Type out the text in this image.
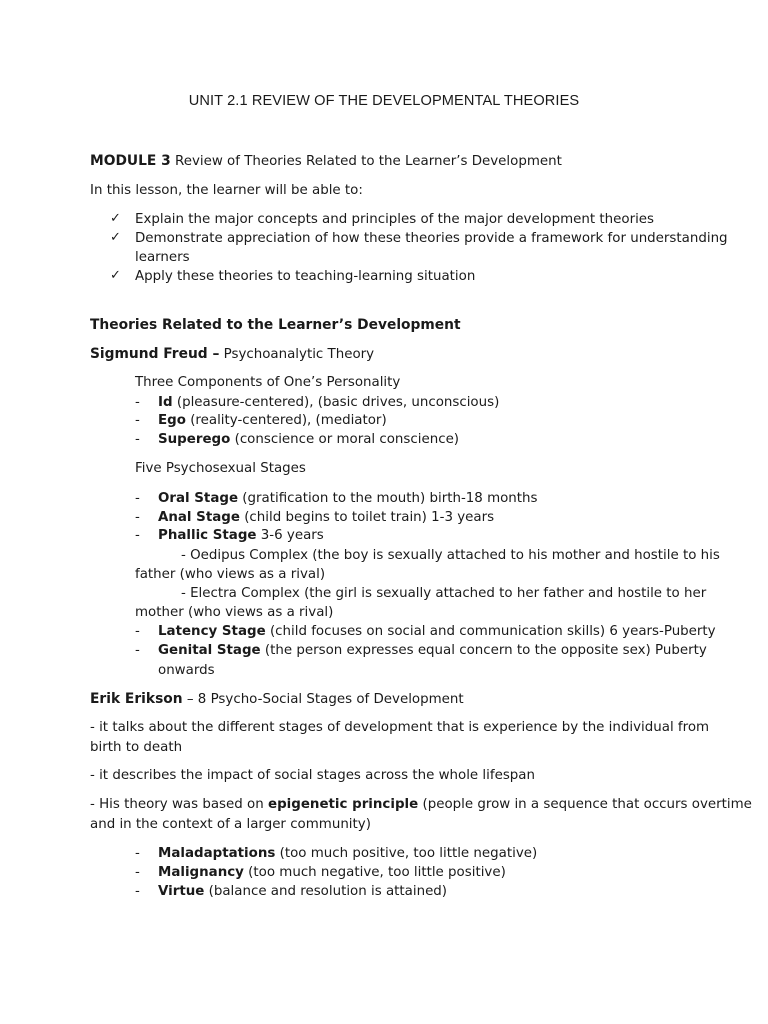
UNIT 2.1 REVIEW OF THE DEVELOPMENTAL THEORIES
MODULE 3 Review of Theories Related to the Learner’s Development
In this lesson, the learner will be able to:
✓ Explain the major concepts and principles of the major development theories
✓ Demonstrate appreciation of how these theories provide a framework for understanding
learners
✓ Apply these theories to teaching-learning situation
Theories Related to the Learner’s Development
Sigmund Freud – Psychoanalytic Theory
Three Components of One’s Personality
- Id (pleasure-centered), (basic drives, unconscious)
- Ego (reality-centered), (mediator)
- Superego (conscience or moral conscience)
Five Psychosexual Stages
- Oral Stage (gratification to the mouth) birth-18 months
- Anal Stage (child begins to toilet train) 1-3 years
- Phallic Stage 3-6 years
- Oedipus Complex (the boy is sexually attached to his mother and hostile to his
father (who views as a rival)
- Electra Complex (the girl is sexually attached to her father and hostile to her
mother (who views as a rival)
- Latency Stage (child focuses on social and communication skills) 6 years-Puberty
- Genital Stage (the person expresses equal concern to the opposite sex) Puberty
onwards
Erik Erikson – 8 Psycho-Social Stages of Development
- it talks about the different stages of development that is experience by the individual from
birth to death
- it describes the impact of social stages across the whole lifespan
- His theory was based on epigenetic principle (people grow in a sequence that occurs overtime
and in the context of a larger community)
- Maladaptations (too much positive, too little negative)
- Malignancy (too much negative, too little positive)
- Virtue (balance and resolution is attained)
